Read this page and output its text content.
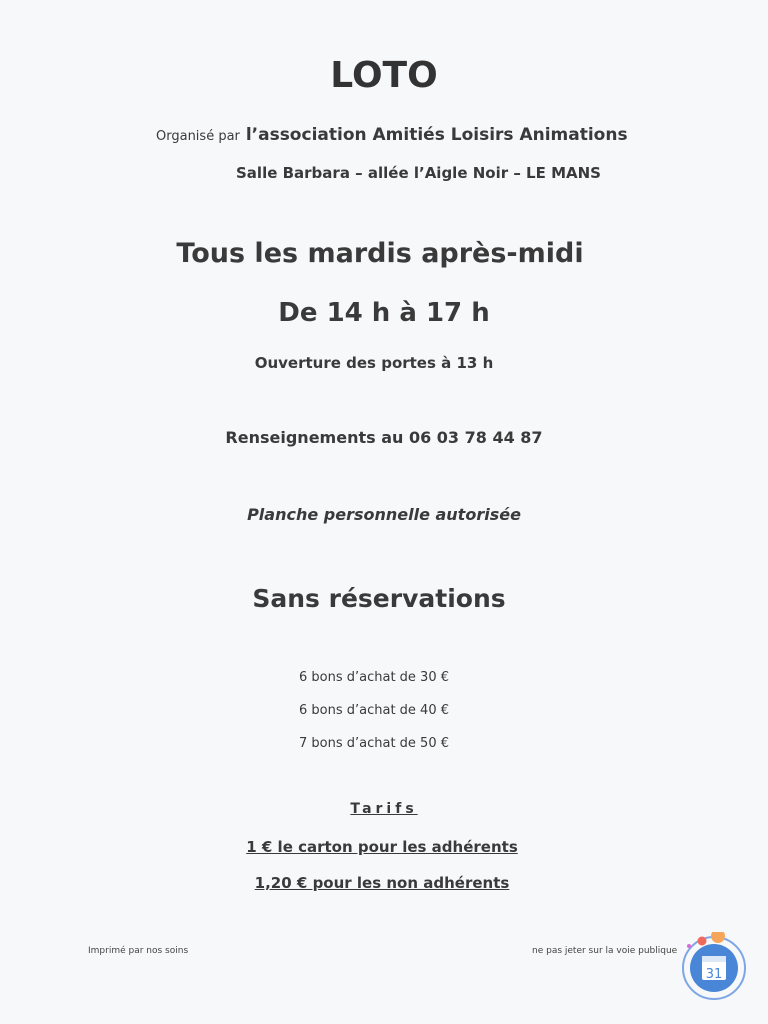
LOTO
Organisé par l’association Amitiés Loisirs Animations
Salle Barbara – allée l’Aigle Noir – LE MANS
Tous les mardis après-midi
De 14 h à 17 h
Ouverture des portes à 13 h
Renseignements au 06 03 78 44 87
Planche personnelle autorisée
Sans réservations
6 bons d’achat de 30 €
6 bons d’achat de 40 €
7 bons d’achat de 50 €
Tarifs
1 € le carton pour les adhérents
1,20 € pour les non adhérents
Imprimé par nos soins	ne pas jeter sur la voie publique
31
